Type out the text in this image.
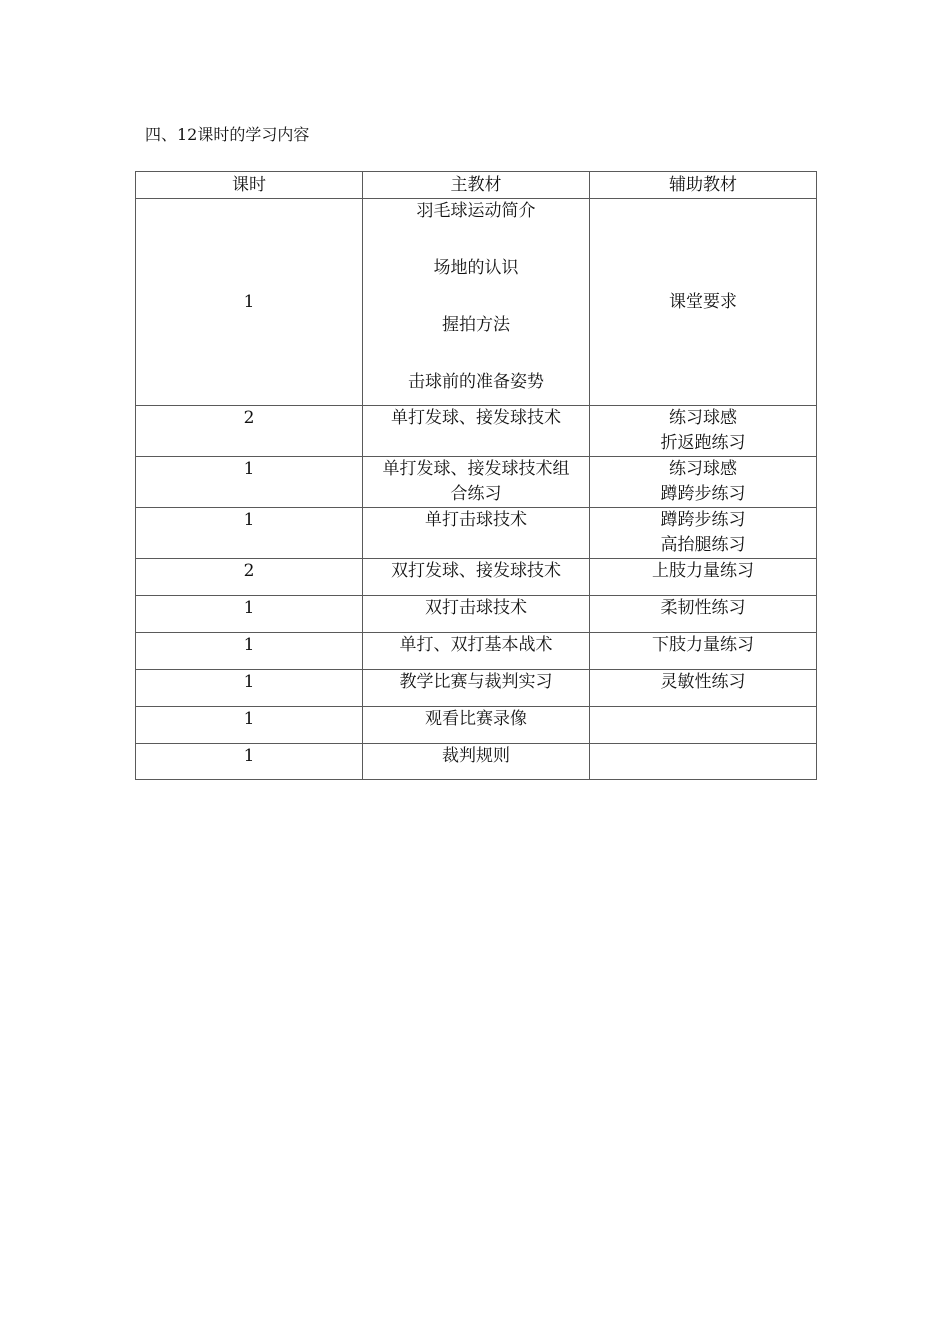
四、12课时的学习内容
课时	主教材	辅助教材
1	羽毛球运动简介
场地的认识
握拍方法
击球前的准备姿势	课堂要求

2	单打发球、接发球技术	练习球感
折返跑练习

1	单打发球、接发球技术组
合练习	练习球感
蹲跨步练习

1	单打击球技术	蹲跨步练习
高抬腿练习

2	双打发球、接发球技术	上肢力量练习

1	双打击球技术	柔韧性练习

1	单打、双打基本战术	下肢力量练习

1	教学比赛与裁判实习	灵敏性练习

1	观看比赛录像	

1	裁判规则	
